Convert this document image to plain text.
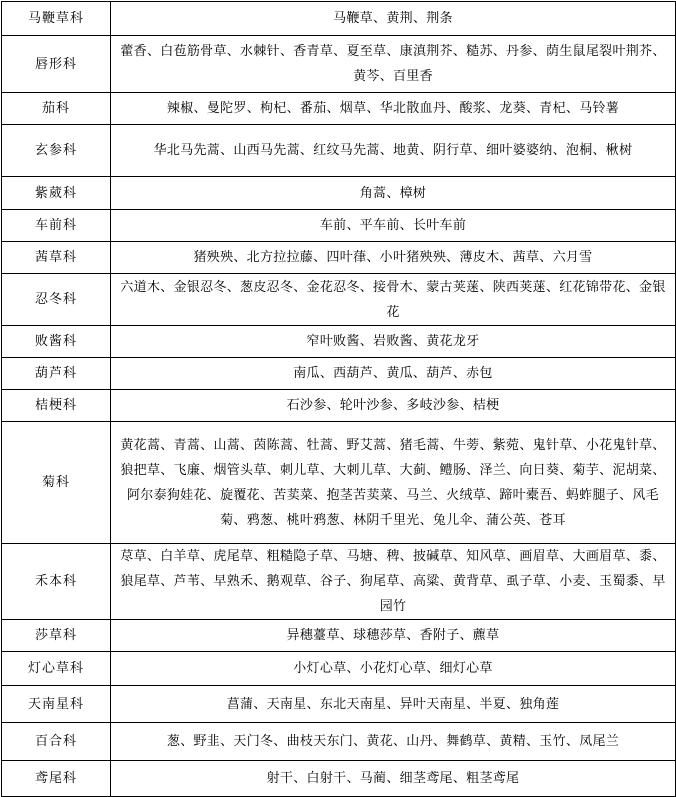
马鞭草科	马鞭草、黄荆、荆条
唇形科	藿香、白苞筋骨草、水棘针、香青草、夏至草、康滇荆芥、糙苏、丹参、荫生鼠尾裂叶荆芥、黄芩、百里香
茄科	辣椒、曼陀罗、枸杞、番茄、烟草、华北散血丹、酸浆、龙葵、青杞、马铃薯
玄参科	华北马先蒿、山西马先蒿、红纹马先蒿、地黄、阴行草、细叶婆婆纳、泡桐、楸树
紫葳科	角蒿、樟树
车前科	车前、平车前、长叶车前
茜草科	猪殃殃、北方拉拉藤、四叶葎、小叶猪殃殃、薄皮木、茜草、六月雪
忍冬科	六道木、金银忍冬、葱皮忍冬、金花忍冬、接骨木、蒙古荚蒾、陕西荚蒾、红花锦带花、金银花
败酱科	窄叶败酱、岩败酱、黄花龙牙
葫芦科	南瓜、西葫芦、黄瓜、葫芦、赤包
桔梗科	石沙参、轮叶沙参、多岐沙参、桔梗
菊科	黄花蒿、青蒿、山蒿、茵陈蒿、牡蒿、野艾蒿、猪毛蒿、牛蒡、紫菀、鬼针草、小花鬼针草、狼把草、飞廉、烟管头草、刺儿草、大刺儿草、大蓟、鳢肠、泽兰、向日葵、菊芋、泥胡菜、阿尔泰狗娃花、旋覆花、苦荬菜、抱茎苦荬菜、马兰、火绒草、蹄叶橐吾、蚂蚱腿子、风毛菊、鸦葱、桃叶鸦葱、林阴千里光、兔儿伞、蒲公英、苍耳
禾本科	荩草、白羊草、虎尾草、粗糙隐子草、马塘、稗、披碱草、知风草、画眉草、大画眉草、黍、狼尾草、芦苇、早熟禾、鹅观草、谷子、狗尾草、高粱、黄背草、虱子草、小麦、玉蜀黍、早园竹
莎草科	异穗薹草、球穗莎草、香附子、藨草
灯心草科	小灯心草、小花灯心草、细灯心草
天南星科	菖蒲、天南星、东北天南星、异叶天南星、半夏、独角莲
百合科	葱、野韭、天门冬、曲枝天东门、黄花、山丹、舞鹤草、黄精、玉竹、凤尾兰
鸢尾科	射干、白射干、马蔺、细茎鸢尾、粗茎鸢尾
